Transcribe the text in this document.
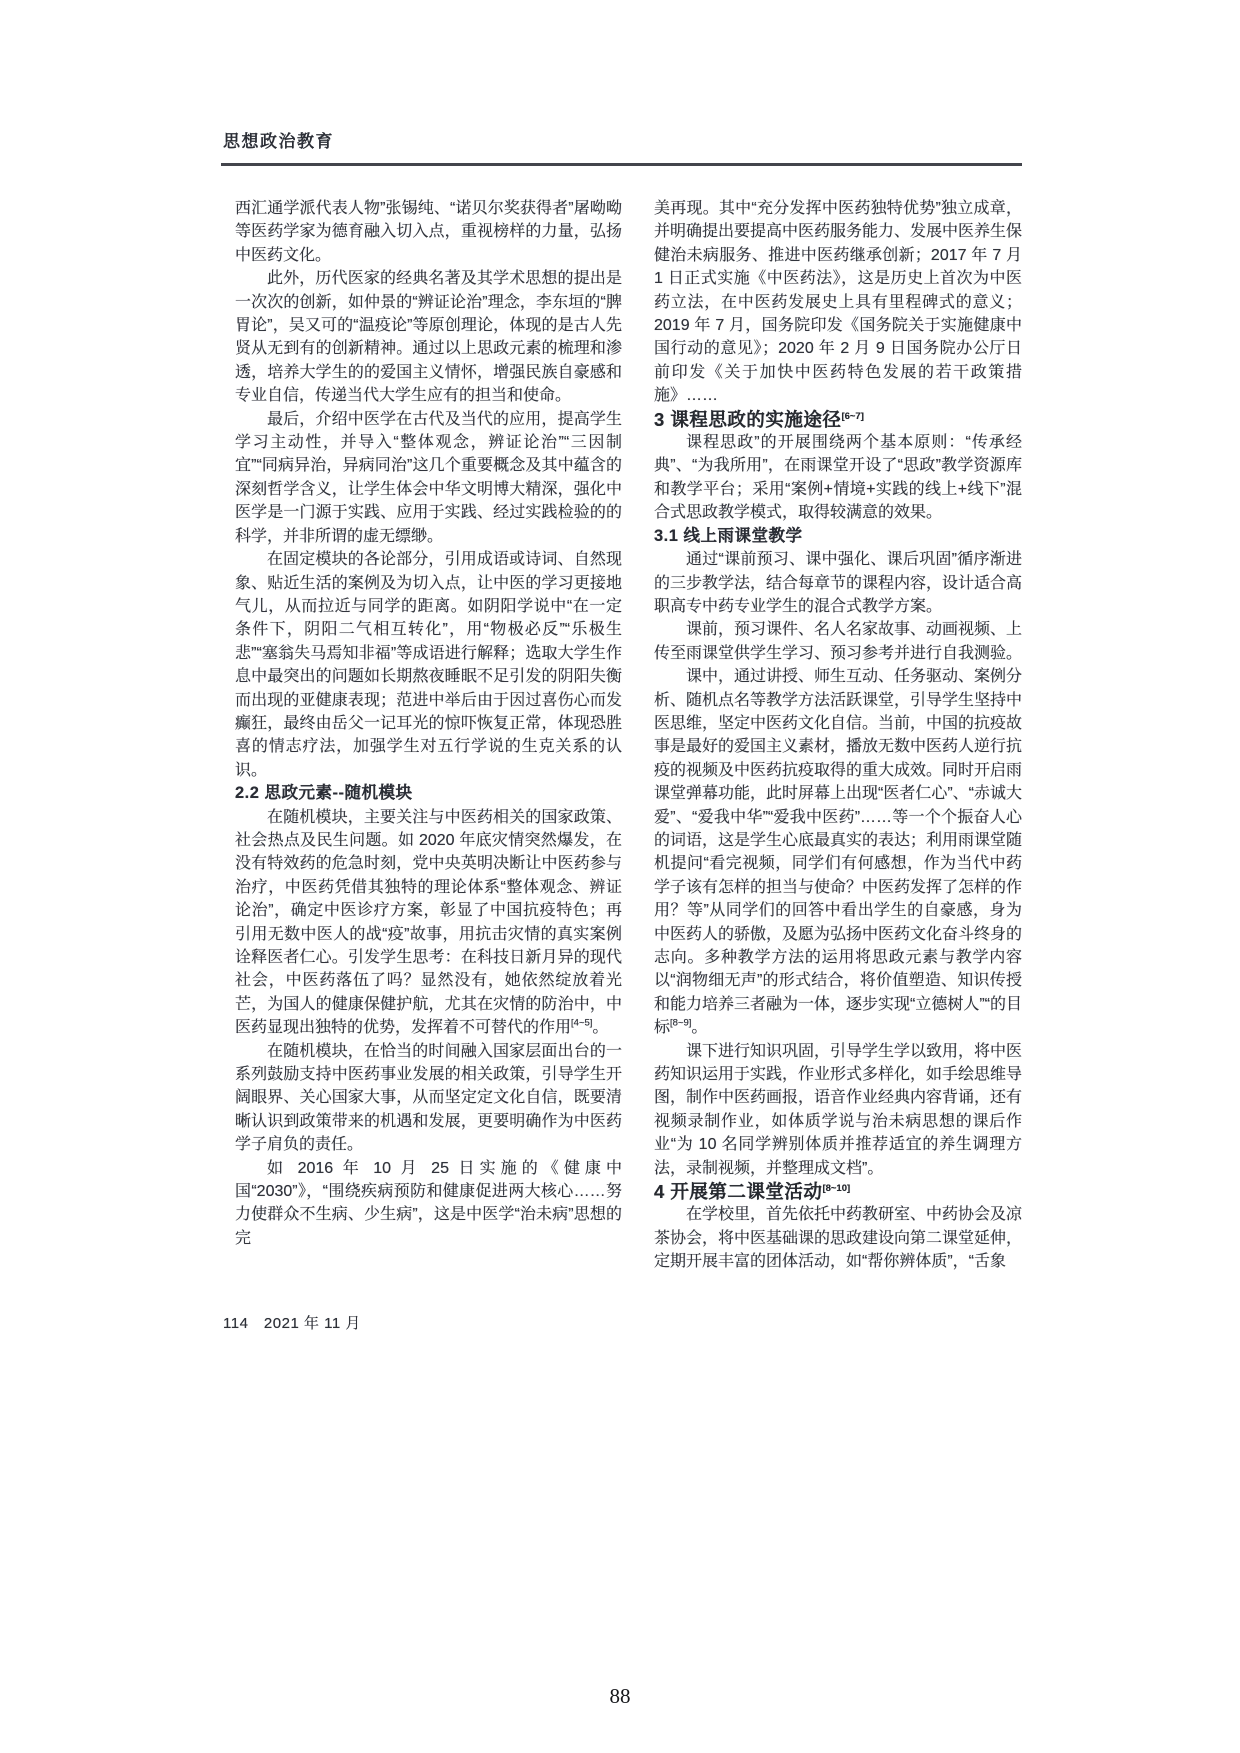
思想政治教育

西汇通学派代表人物”张锡纯、“诺贝尔奖获得者”屠呦呦等医药学家为德育融入切入点，重视榜样的力量，弘扬中医药文化。

此外，历代医家的经典名著及其学术思想的提出是一次次的创新，如仲景的“辨证论治”理念，李东垣的“脾胃论”，吴又可的“温疫论”等原创理论，体现的是古人先贤从无到有的创新精神。通过以上思政元素的梳理和渗透，培养大学生的的爱国主义情怀，增强民族自豪感和专业自信，传递当代大学生应有的担当和使命。

最后，介绍中医学在古代及当代的应用，提高学生学习主动性，并导入“整体观念，辨证论治”“三因制宜”“同病异治，异病同治”这几个重要概念及其中蕴含的深刻哲学含义，让学生体会中华文明博大精深，强化中医学是一门源于实践、应用于实践、经过实践检验的的科学，并非所谓的虚无缥缈。

在固定模块的各论部分，引用成语或诗词、自然现象、贴近生活的案例及为切入点，让中医的学习更接地气儿，从而拉近与同学的距离。如阴阳学说中“在一定条件下，阴阳二气相互转化”，用“物极必反”“乐极生悲”“塞翁失马焉知非福”等成语进行解释；选取大学生作息中最突出的问题如长期熬夜睡眠不足引发的阴阳失衡而出现的亚健康表现；范进中举后由于因过喜伤心而发癫狂，最终由岳父一记耳光的惊吓恢复正常，体现恐胜喜的情志疗法，加强学生对五行学说的生克关系的认识。

2.2 思政元素--随机模块

在随机模块，主要关注与中医药相关的国家政策、社会热点及民生问题。如 2020 年底灾情突然爆发，在没有特效药的危急时刻，党中央英明决断让中医药参与治疗，中医药凭借其独特的理论体系“整体观念、辨证论治”，确定中医诊疗方案，彰显了中国抗疫特色；再引用无数中医人的战“疫”故事，用抗击灾情的真实案例诠释医者仁心。引发学生思考：在科技日新月异的现代社会，中医药落伍了吗？显然没有，她依然绽放着光芒，为国人的健康保健护航，尤其在灾情的防治中，中医药显现出独特的优势，发挥着不可替代的作用[4~5]。

在随机模块，在恰当的时间融入国家层面出台的一系列鼓励支持中医药事业发展的相关政策，引导学生开阔眼界、关心国家大事，从而坚定定文化自信，既要清晰认识到政策带来的机遇和发展，更要明确作为中医药学子肩负的责任。

如 2016 年 10 月 25 日实施的《健康中国“2030”》，“围绕疾病预防和健康促进两大核心……努力使群众不生病、少生病”，这是中医学“治未病”思想的完

美再现。其中“充分发挥中医药独特优势”独立成章，并明确提出要提高中医药服务能力、发展中医养生保健治未病服务、推进中医药继承创新；2017 年 7 月 1 日正式实施《中医药法》，这是历史上首次为中医药立法，在中医药发展史上具有里程碑式的意义；2019 年 7 月，国务院印发《国务院关于实施健康中国行动的意见》；2020 年 2 月 9 日国务院办公厅日前印发《关于加快中医药特色发展的若干政策措施》……

3 课程思政的实施途径[6~7]

课程思政”的开展围绕两个基本原则：“传承经典”、“为我所用”，在雨课堂开设了“思政”教学资源库和教学平台；采用“案例+情境+实践的线上+线下”混合式思政教学模式，取得较满意的效果。

3.1 线上雨课堂教学

通过“课前预习、课中强化、课后巩固”循序渐进的三步教学法，结合每章节的课程内容，设计适合高职高专中药专业学生的混合式教学方案。

课前，预习课件、名人名家故事、动画视频、上传至雨课堂供学生学习、预习参考并进行自我测验。

课中，通过讲授、师生互动、任务驱动、案例分析、随机点名等教学方法活跃课堂，引导学生坚持中医思维，坚定中医药文化自信。当前，中国的抗疫故事是最好的爱国主义素材，播放无数中医药人逆行抗疫的视频及中医药抗疫取得的重大成效。同时开启雨课堂弹幕功能，此时屏幕上出现“医者仁心”、“赤诚大爱”、“爱我中华”“爱我中医药”……等一个个振奋人心的词语，这是学生心底最真实的表达；利用雨课堂随机提问“看完视频，同学们有何感想，作为当代中药学子该有怎样的担当与使命？中医药发挥了怎样的作用？等”从同学们的回答中看出学生的自豪感，身为中医药人的骄傲，及愿为弘扬中医药文化奋斗终身的志向。多种教学方法的运用将思政元素与教学内容以“润物细无声”的形式结合，将价值塑造、知识传授和能力培养三者融为一体，逐步实现“立德树人”“的目标[8~9]。

课下进行知识巩固，引导学生学以致用，将中医药知识运用于实践，作业形式多样化，如手绘思维导图，制作中医药画报，语音作业经典内容背诵，还有视频录制作业，如体质学说与治未病思想的课后作业“为 10 名同学辨别体质并推荐适宜的养生调理方法，录制视频，并整理成文档”。

4 开展第二课堂活动[8~10]

在学校里，首先依托中药教研室、中药协会及凉茶协会，将中医基础课的思政建设向第二课堂延伸，定期开展丰富的团体活动，如“帮你辨体质”，“舌象

114　2021 年 11 月
88
